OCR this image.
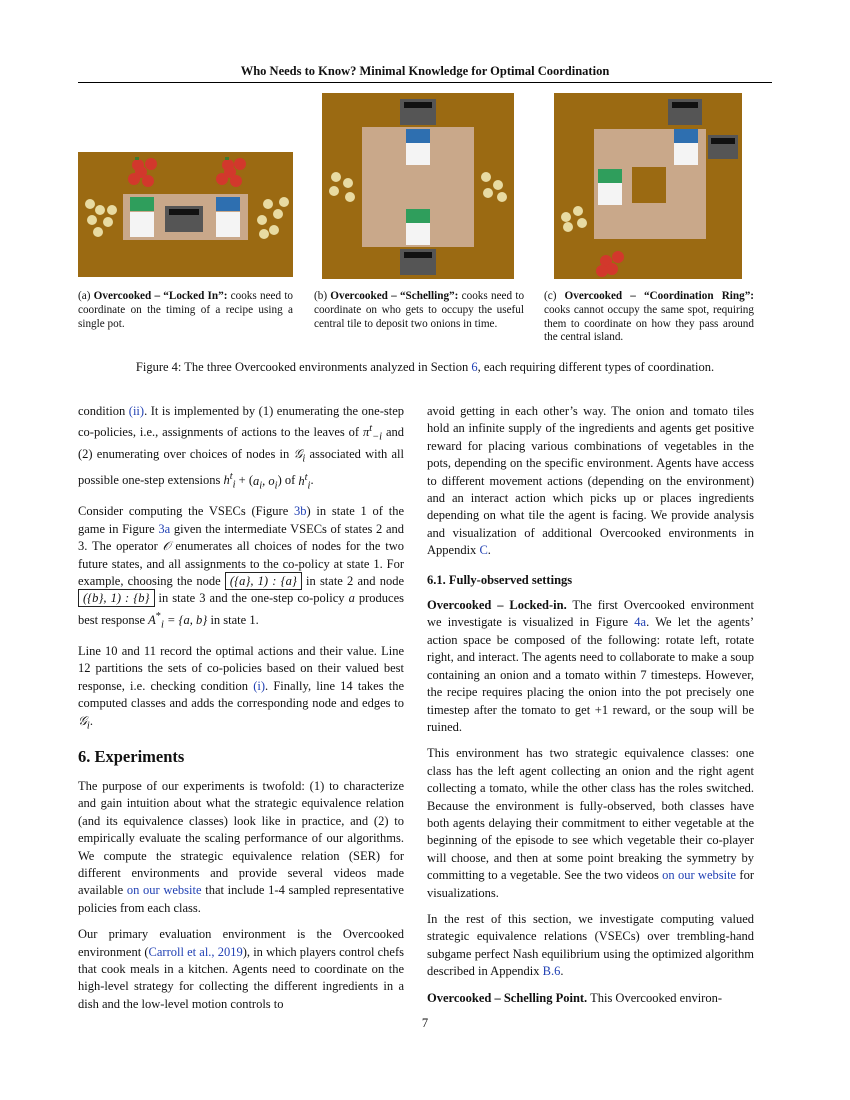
Who Needs to Know? Minimal Knowledge for Optimal Coordination
(a) Overcooked – “Locked In”: cooks need to coordinate on the timing of a recipe using a single pot.
(b) Overcooked – “Schelling”: cooks need to coordinate on who gets to occupy the useful central tile to deposit two onions in time.
(c) Overcooked – “Coordination Ring”: cooks cannot occupy the same spot, requiring them to coordinate on how they pass around the central island.
Figure 4: The three Overcooked environments analyzed in Section 6, each requiring different types of coordination.

condition (ii). It is implemented by (1) enumerating the one-step co-policies, i.e., assignments of actions to the leaves of $\pi^t_{-i}$ and (2) enumerating over choices of nodes in 𝒢$_i$ associated with all possible one-step extensions $h^t_i + (a_i$, $o_i$) of $h^t_i$.

Consider computing the VSECs (Figure 3b) in state 1 of the game in Figure 3a given the intermediate VSECs of states 2 and 3. The operator 𝒪 enumerates all choices of nodes for the two future states, and all assignments to the co-policy at state 1. For example, choosing the node ({a}, 1) : {a} in state 2 and node ({b}, 1) : {b} in state 3 and the one-step co-policy a produces best response $A^*_i = \{a$, b} in state 1.

Line 10 and 11 record the optimal actions and their value. Line 12 partitions the sets of co-policies based on their valued best response, i.e. checking condition (i). Finally, line 14 takes the computed classes and adds the corresponding node and edges to 𝒢$_i$.

6. Experiments

The purpose of our experiments is twofold: (1) to characterize and gain intuition about what the strategic equivalence relation (and its equivalence classes) look like in practice, and (2) to empirically evaluate the scaling performance of our algorithms. We compute the strategic equivalence relation (SER) for different environments and provide several videos made available on our website that include 1-4 sampled representative policies from each class.

Our primary evaluation environment is the Overcooked environment (Carroll et al., 2019), in which players control chefs that cook meals in a kitchen. Agents need to coordinate on the high-level strategy for collecting the different ingredients in a dish and the low-level motion controls to

avoid getting in each other’s way. The onion and tomato tiles hold an infinite supply of the ingredients and agents get positive reward for placing various combinations of vegetables in the pots, depending on the specific environment. Agents have access to different movement actions (depending on the environment) and an interact action which picks up or places ingredients depending on what tile the agent is facing. We provide analysis and visualization of additional Overcooked environments in Appendix C.

6.1. Fully-observed settings

Overcooked – Locked-in. The first Overcooked environment we investigate is visualized in Figure 4a. We let the agents’ action space be composed of the following: rotate left, rotate right, and interact. The agents need to collaborate to make a soup containing an onion and a tomato within 7 timesteps. However, the recipe requires placing the onion into the pot precisely one timestep after the tomato to get +1 reward, or the soup will be ruined.

This environment has two strategic equivalence classes: one class has the left agent collecting an onion and the right agent collecting a tomato, while the other class has the roles switched. Because the environment is fully-observed, both classes have both agents delaying their commitment to either vegetable at the beginning of the episode to see which vegetable their co-player will choose, and then at some point breaking the symmetry by committing to a vegetable. See the two videos on our website for visualizations.

In the rest of this section, we investigate computing valued strategic equivalence relations (VSECs) over trembling-hand subgame perfect Nash equilibrium using the optimized algorithm described in Appendix B.6.

Overcooked – Schelling Point. This Overcooked environ-

7
